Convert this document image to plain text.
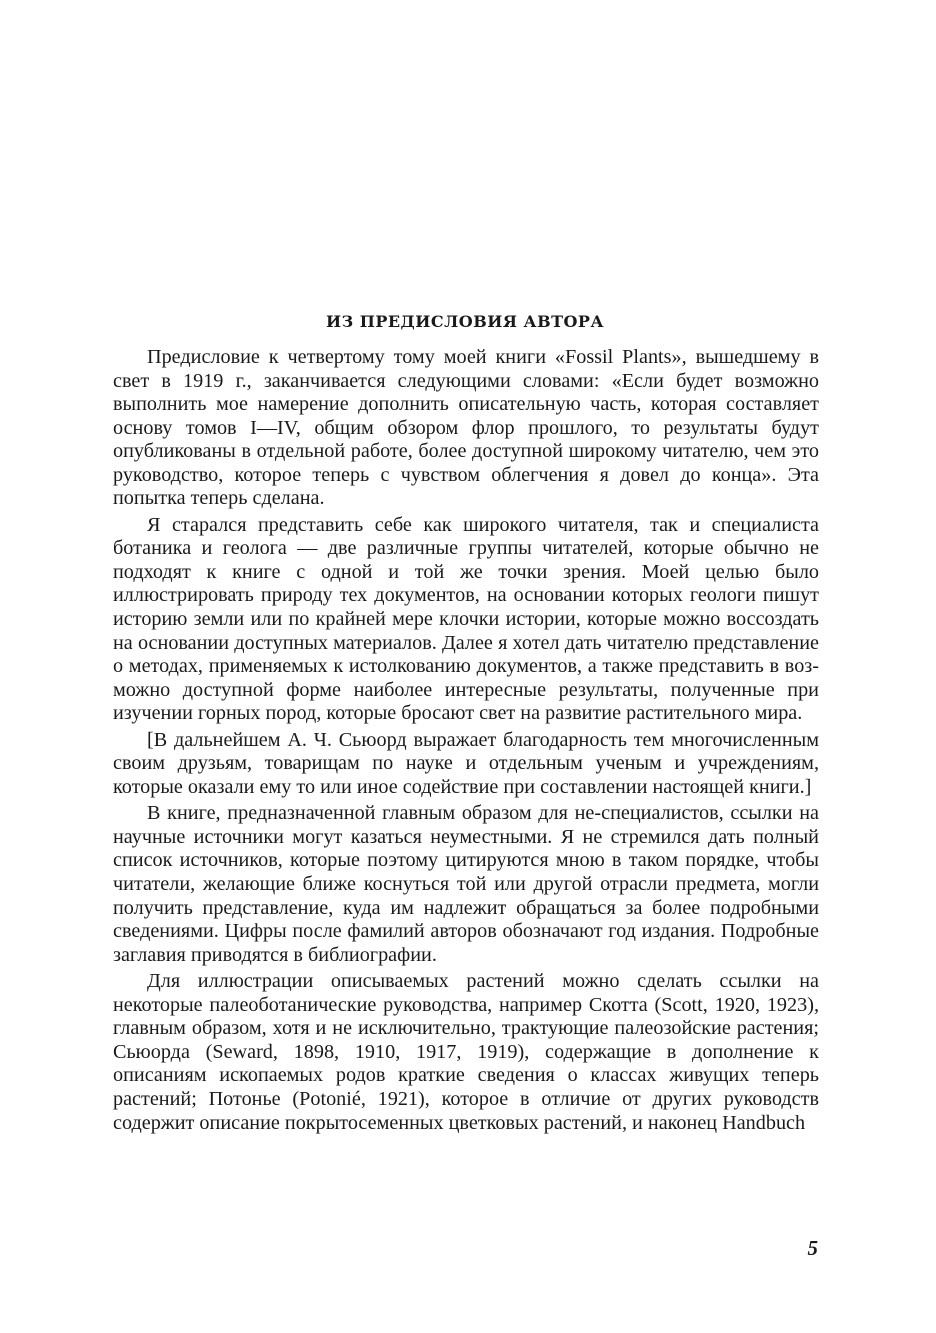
ИЗ ПРЕДИСЛОВИЯ АВТОРА

Предисловие к четвертому тому моей книги «Fossil Plants», вышедшему в свет в 1919 г., заканчивается следующими словами: «Если будет возможно выполнить мое намерение дополнить описательную часть, которая составляет основу томов I—IV, общим обзором флор прошлого, то результаты будут опубликованы в отдельной работе, более доступной широкому читателю, чем это руководство, которое теперь с чувством облегчения я довел до конца». Эта попытка теперь сделана.

Я старался представить себе как широкого читателя, так и специалиста ботаника и геолога — две различные группы читателей, которые обычно не подходят к книге с одной и той же точки зрения. Моей целью было иллюстрировать природу тех документов, на основании которых геологи пишут историю земли или по крайней мере клочки истории, которые можно воссоздать на основании доступных материалов. Далее я хотел дать читателю представление о методах, применяемых к истолкованию документов, а также представить в возможно доступной форме наиболее интересные результаты, полученные при изучении горных пород, которые бросают свет на развитие растительного мира.

[В дальнейшем А. Ч. Сьюорд выражает благодарность тем многочисленным своим друзьям, товарищам по науке и отдельным ученым и учреждениям, которые оказали ему то или иное содействие при составлении настоящей книги.]

В книге, предназначенной главным образом для не-специалистов, ссылки на научные источники могут казаться неуместными. Я не стремился дать полный список источников, которые поэтому цитируются мною в таком порядке, чтобы читатели, желающие ближе коснуться той или другой отрасли предмета, могли получить представление, куда им надлежит обращаться за более подробными сведениями. Цифры после фамилий авторов обозначают год издания. Подробные заглавия приводятся в библиографии.

Для иллюстрации описываемых растений можно сделать ссылки на некоторые палеоботанические руководства, например Скотта (Scott, 1920, 1923), главным образом, хотя и не исключительно, трактующие палеозойские растения; Сьюорда (Seward, 1898, 1910, 1917, 1919), содержащие в дополнение к описаниям ископаемых родов краткие сведения о классах живущих теперь растений; Потонье (Potonié, 1921), которое в отличие от других руководств содержит описание покрытосеменных цветковых растений, и наконец Handbuch

5
